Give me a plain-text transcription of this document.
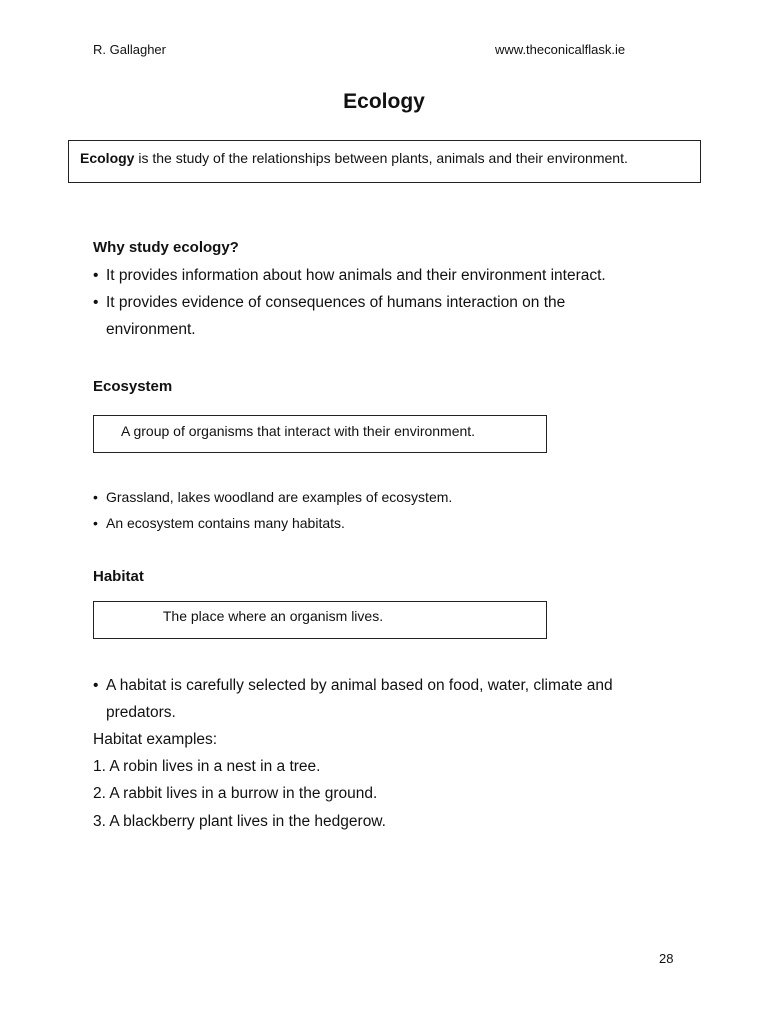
R. Gallagher	www.theconicalflask.ie
Ecology
Ecology is the study of the relationships between plants, animals and their environment.
Why study ecology?
• It provides information about how animals and their environment interact.
• It provides evidence of consequences of humans interaction on the
environment.
Ecosystem
A group of organisms that interact with their environment.
• Grassland, lakes woodland are examples of ecosystem.
• An ecosystem contains many habitats.
Habitat
The place where an organism lives.
• A habitat is carefully selected by animal based on food, water, climate and
predators.
Habitat examples:
1. A robin lives in a nest in a tree.
2. A rabbit lives in a burrow in the ground.
3. A blackberry plant lives in the hedgerow.
28
